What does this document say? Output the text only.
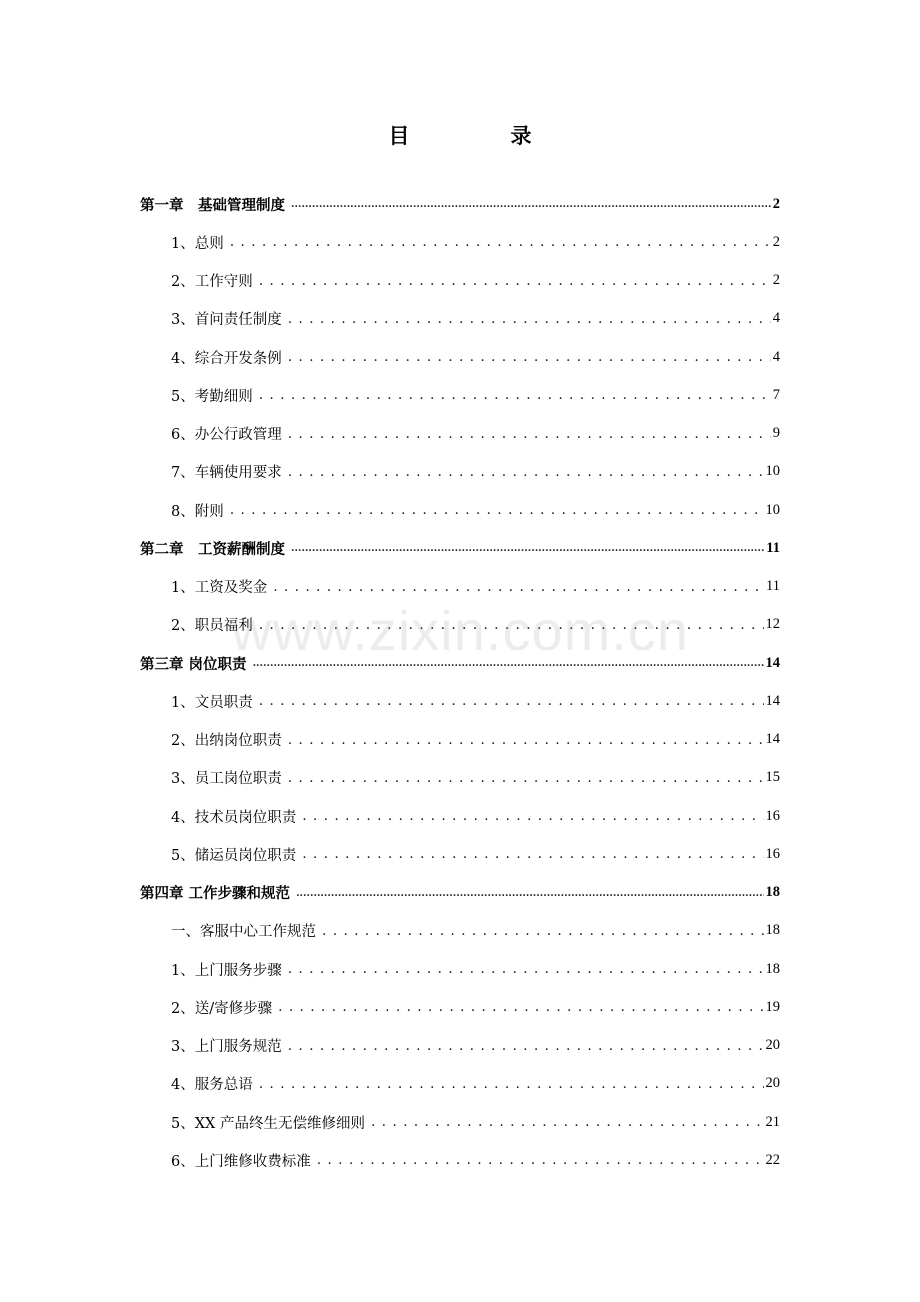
目　录
第一章　基础管理制度 .....	2
1、总则 . . .	2
2、工作守则 . . .	2
3、首问责任制度 . . .	4
4、综合开发条例 . . .	4
5、考勤细则 . . .	7
6、办公行政管理 . . .	9
7、车辆使用要求 . . .	10
8、附则 . . .	10
第二章　工资薪酬制度 .....	11
1、工资及奖金 . . .	11
2、职员福利 . . .	12
第三章 岗位职责 .....	14
1、文员职责 . . .	14
2、出纳岗位职责 . . .	14
3、员工岗位职责 . . .	15
4、技术员岗位职责 . . .	16
5、储运员岗位职责 . . .	16
第四章 工作步骤和规范 .....	18
一、客服中心工作规范 . . .	18
1、上门服务步骤 . . .	18
2、送/寄修步骤 . . .	19
3、上门服务规范 . . .	20
4、服务总语 . . .	20
5、XX 产品终生无偿维修细则 . . .	21
6、上门维修收费标准 . . .	22
www.zixin.com.cn
